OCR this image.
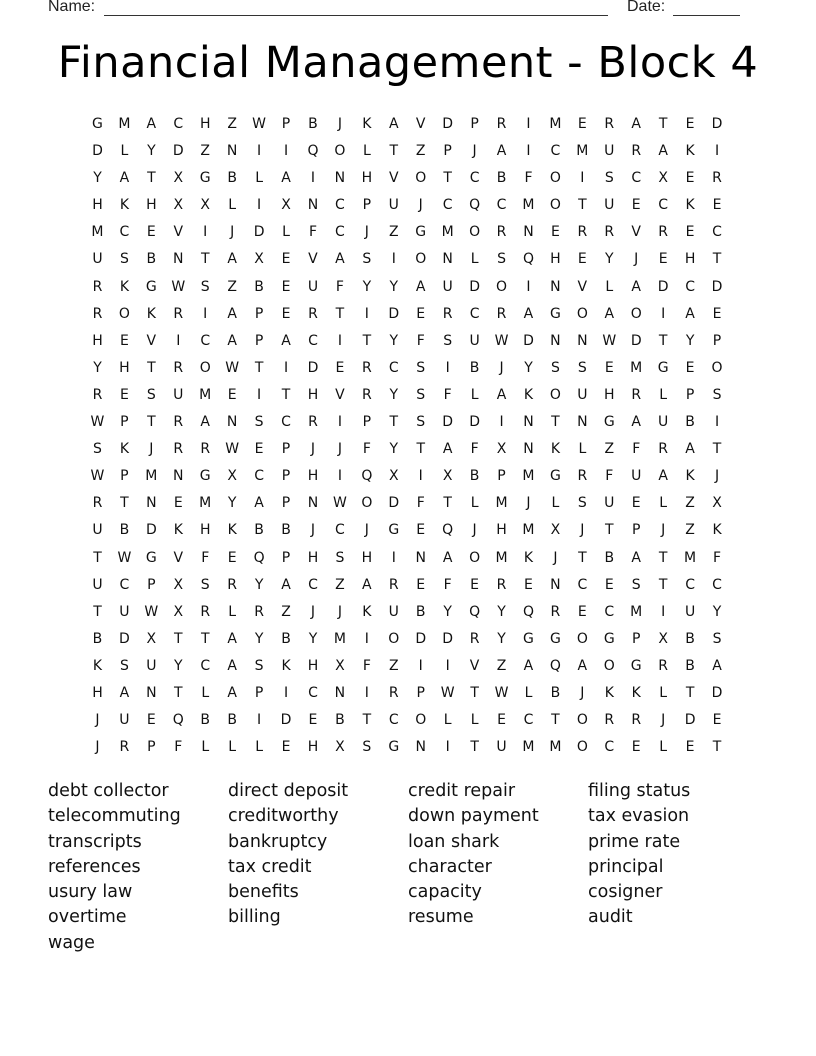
Name:	Date:
Financial Management - Block 4
G	M	A	C	H	Z	W	P	B	J	K	A	V	D	P	R	I	M	E	R	A	T	E	D
D	L	Y	D	Z	N	I	I	Q	O	L	T	Z	P	J	A	I	C	M	U	R	A	K	I
Y	A	T	X	G	B	L	A	I	N	H	V	O	T	C	B	F	O	I	S	C	X	E	R
H	K	H	X	X	L	I	X	N	C	P	U	J	C	Q	C	M	O	T	U	E	C	K	E
M	C	E	V	I	J	D	L	F	C	J	Z	G	M	O	R	N	E	R	R	V	R	E	C
U	S	B	N	T	A	X	E	V	A	S	I	O	N	L	S	Q	H	E	Y	J	E	H	T
R	K	G	W	S	Z	B	E	U	F	Y	Y	A	U	D	O	I	N	V	L	A	D	C	D
R	O	K	R	I	A	P	E	R	T	I	D	E	R	C	R	A	G	O	A	O	I	A	E
H	E	V	I	C	A	P	A	C	I	T	Y	F	S	U	W	D	N	N	W	D	T	Y	P
Y	H	T	R	O	W	T	I	D	E	R	C	S	I	B	J	Y	S	S	E	M	G	E	O
R	E	S	U	M	E	I	T	H	V	R	Y	S	F	L	A	K	O	U	H	R	L	P	S
W	P	T	R	A	N	S	C	R	I	P	T	S	D	D	I	N	T	N	G	A	U	B	I
S	K	J	R	R	W	E	P	J	J	F	Y	T	A	F	X	N	K	L	Z	F	R	A	T
W	P	M	N	G	X	C	P	H	I	Q	X	I	X	B	P	M	G	R	F	U	A	K	J
R	T	N	E	M	Y	A	P	N	W	O	D	F	T	L	M	J	L	S	U	E	L	Z	X
U	B	D	K	H	K	B	B	J	C	J	G	E	Q	J	H	M	X	J	T	P	J	Z	K
T	W	G	V	F	E	Q	P	H	S	H	I	N	A	O	M	K	J	T	B	A	T	M	F
U	C	P	X	S	R	Y	A	C	Z	A	R	E	F	E	R	E	N	C	E	S	T	C	C
T	U	W	X	R	L	R	Z	J	J	K	U	B	Y	Q	Y	Q	R	E	C	M	I	U	Y
B	D	X	T	T	A	Y	B	Y	M	I	O	D	D	R	Y	G	G	O	G	P	X	B	S
K	S	U	Y	C	A	S	K	H	X	F	Z	I	I	V	Z	A	Q	A	O	G	R	B	A
H	A	N	T	L	A	P	I	C	N	I	R	P	W	T	W	L	B	J	K	K	L	T	D
J	U	E	Q	B	B	I	D	E	B	T	C	O	L	L	E	C	T	O	R	R	J	D	E
J	R	P	F	L	L	L	E	H	X	S	G	N	I	T	U	M	M	O	C	E	L	E	T
debt collector	direct deposit	credit repair	filing status
telecommuting	creditworthy	down payment	tax evasion
transcripts	bankruptcy	loan shark	prime rate
references	tax credit	character	principal
usury law	benefits	capacity	cosigner
overtime	billing	resume	audit
wage
